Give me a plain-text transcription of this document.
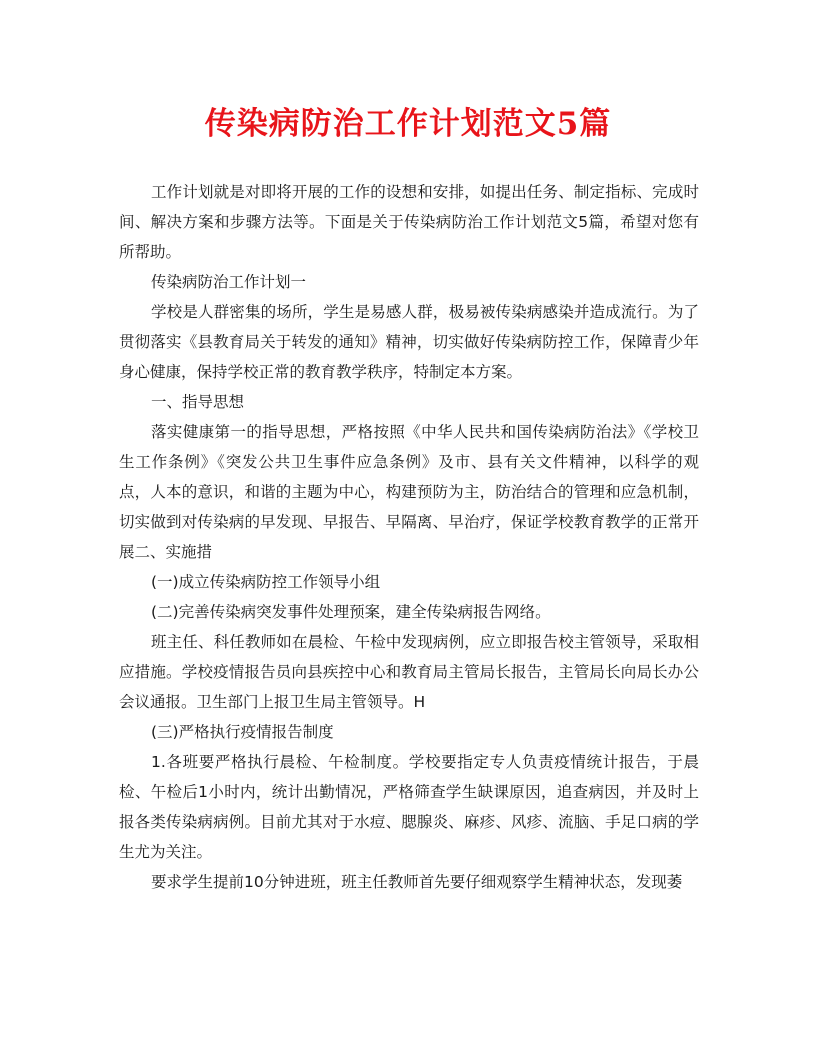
传染病防治工作计划范文5篇

工作计划就是对即将开展的工作的设想和安排，如提出任务、制定指标、完成时间、解决方案和步骤方法等。下面是关于传染病防治工作计划范文5篇，希望对您有所帮助。

传染病防治工作计划一

学校是人群密集的场所，学生是易感人群，极易被传染病感染并造成流行。为了贯彻落实《县教育局关于转发的通知》精神，切实做好传染病防控工作，保障青少年身心健康，保持学校正常的教育教学秩序，特制定本方案。

一、指导思想

落实健康第一的指导思想，严格按照《中华人民共和国传染病防治法》《学校卫生工作条例》《突发公共卫生事件应急条例》及市、县有关文件精神，以科学的观点，人本的意识，和谐的主题为中心，构建预防为主，防治结合的管理和应急机制，切实做到对传染病的早发现、早报告、早隔离、早治疗，保证学校教育教学的正常开展二、实施措

(一)成立传染病防控工作领导小组

(二)完善传染病突发事件处理预案，建全传染病报告网络。

班主任、科任教师如在晨检、午检中发现病例，应立即报告校主管领导，采取相应措施。学校疫情报告员向县疾控中心和教育局主管局长报告，主管局长向局长办公会议通报。卫生部门上报卫生局主管领导。H

(三)严格执行疫情报告制度

1.各班要严格执行晨检、午检制度。学校要指定专人负责疫情统计报告，于晨检、午检后1小时内，统计出勤情况，严格筛查学生缺课原因，追查病因，并及时上报各类传染病病例。目前尤其对于水痘、腮腺炎、麻疹、风疹、流脑、手足口病的学生尤为关注。

要求学生提前10分钟进班，班主任教师首先要仔细观察学生精神状态，发现萎
